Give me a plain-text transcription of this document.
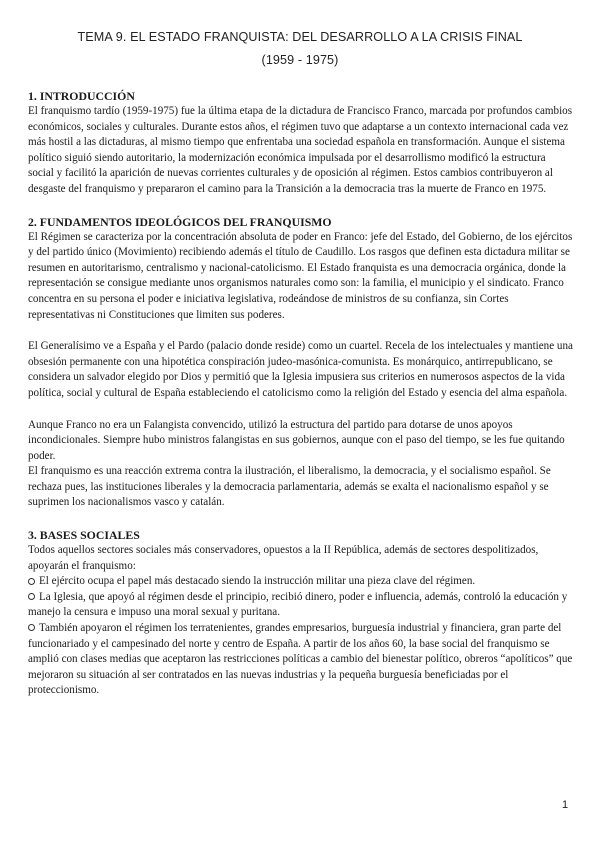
TEMA 9. EL ESTADO FRANQUISTA: DEL DESARROLLO A LA CRISIS FINAL
(1959 - 1975)
1. INTRODUCCIÓN

El franquismo tardío (1959-1975) fue la última etapa de la dictadura de Francisco Franco, marcada por profundos cambios económicos, sociales y culturales. Durante estos años, el régimen tuvo que adaptarse a un contexto internacional cada vez más hostil a las dictaduras, al mismo tiempo que enfrentaba una sociedad española en transformación. Aunque el sistema político siguió siendo autoritario, la modernización económica impulsada por el desarrollismo modificó la estructura social y facilitó la aparición de nuevas corrientes culturales y de oposición al régimen. Estos cambios contribuyeron al desgaste del franquismo y prepararon el camino para la Transición a la democracia tras la muerte de Franco en 1975.

2. FUNDAMENTOS IDEOLÓGICOS DEL FRANQUISMO

El Régimen se caracteriza por la concentración absoluta de poder en Franco: jefe del Estado, del Gobierno, de los ejércitos y del partido único (Movimiento) recibiendo además el título de Caudillo. Los rasgos que definen esta dictadura militar se resumen en autoritarismo, centralismo y nacional-catolicismo. El Estado franquista es una democracia orgánica, donde la representación se consigue mediante unos organismos naturales como son: la familia, el municipio y el sindicato. Franco concentra en su persona el poder e iniciativa legislativa, rodeándose de ministros de su confianza, sin Cortes representativas ni Constituciones que limiten sus poderes.

El Generalísimo ve a España y el Pardo (palacio donde reside) como un cuartel. Recela de los intelectuales y mantiene una obsesión permanente con una hipotética conspiración judeo-masónica-comunista. Es monárquico, antirrepublicano, se considera un salvador elegido por Dios y permitió que la Iglesia impusiera sus criterios en numerosos aspectos de la vida política, social y cultural de España estableciendo el catolicismo como la religión del Estado y esencia del alma española.

Aunque Franco no era un Falangista convencido, utilizó la estructura del partido para dotarse de unos apoyos incondicionales. Siempre hubo ministros falangistas en sus gobiernos, aunque con el paso del tiempo, se les fue quitando poder.

El franquismo es una reacción extrema contra la ilustración, el liberalismo, la democracia, y el socialismo español. Se rechaza pues, las instituciones liberales y la democracia parlamentaria, además se exalta el nacionalismo español y se suprimen los nacionalismos vasco y catalán.

3. BASES SOCIALES

Todos aquellos sectores sociales más conservadores, opuestos a la II República, además de sectores despolitizados, apoyarán el franquismo:

El ejército ocupa el papel más destacado siendo la instrucción militar una pieza clave del régimen.

La Iglesia, que apoyó al régimen desde el principio, recibió dinero, poder e influencia, además, controló la educación y manejo la censura e impuso una moral sexual y puritana.

También apoyaron el régimen los terratenientes, grandes empresarios, burguesía industrial y financiera, gran parte del funcionariado y el campesinado del norte y centro de España. A partir de los años 60, la base social del franquismo se amplió con clases medias que aceptaron las restricciones políticas a cambio del bienestar político, obreros “apolíticos” que mejoraron su situación al ser contratados en las nuevas industrias y la pequeña burguesía beneficiadas por el proteccionismo.

1
